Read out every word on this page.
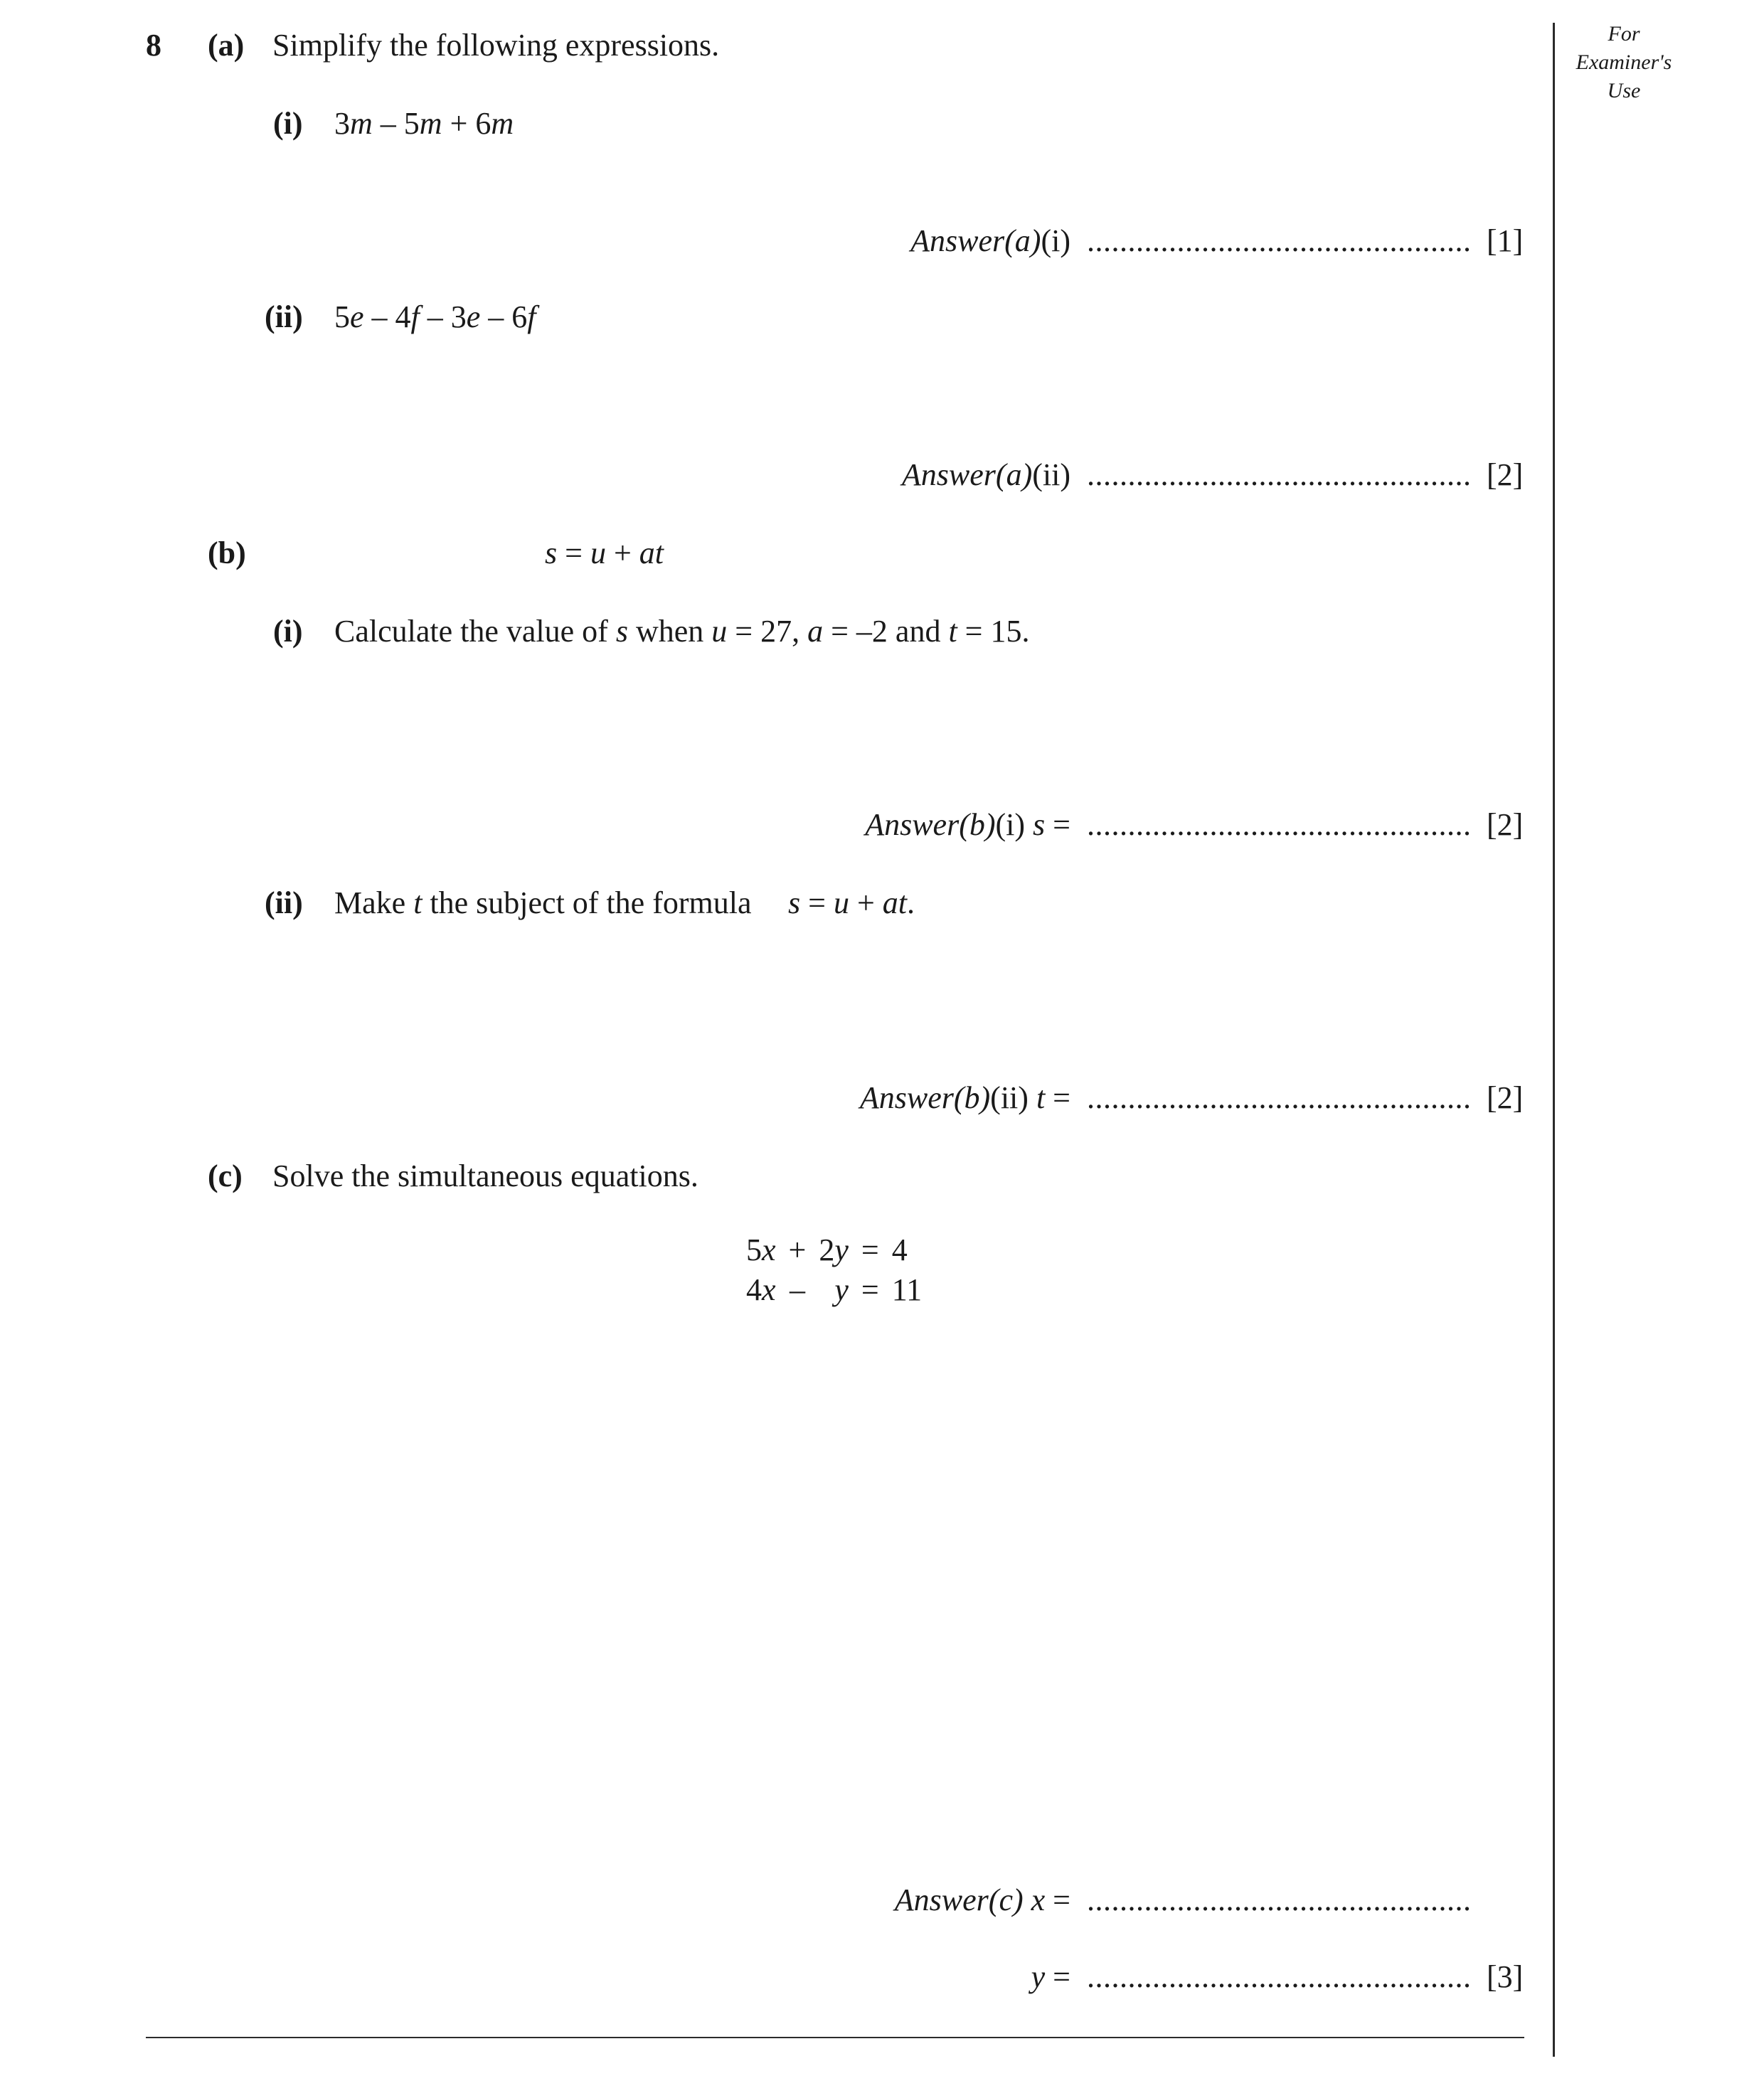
For
Examiner's
Use
8 (a) Simplify the following expressions.
(i) 3m – 5m + 6m
Answer(a)(i) ............................................... [1]
(ii) 5e – 4f – 3e – 6f
Answer(a)(ii) ............................................... [2]
(b)	s = u + at
(i) Calculate the value of s when u = 27, a = –2 and t = 15.
Answer(b)(i) s = ............................................... [2]
(ii) Make t the subject of the formula s = u + at.
Answer(b)(ii) t = ............................................... [2]
(c) Solve the simultaneous equations.
5x	+	2y	=	4
4x	–	y	=	11
Answer(c) x = ...............................................
y = ............................................... [3]
